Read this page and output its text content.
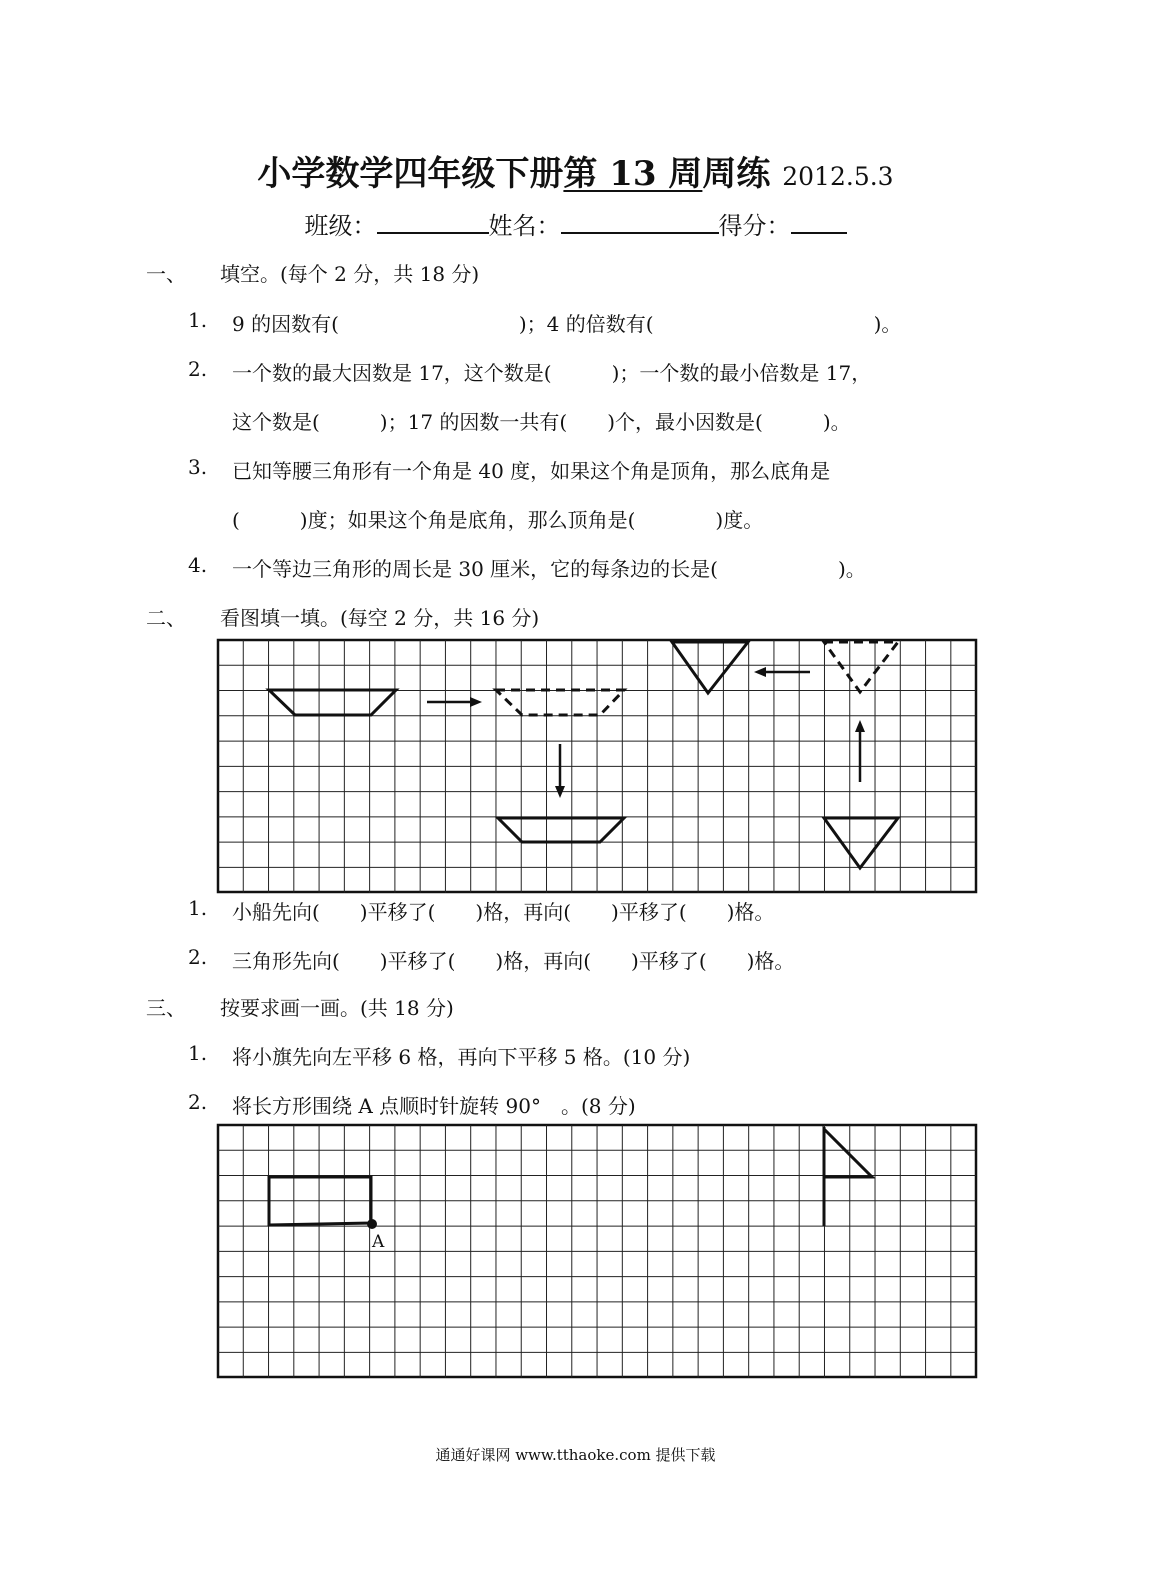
小学数学四年级下册第 13 周周练 2012.5.3
班级：	姓名：	得分：
一、 填空。(每个 2 分，共 18 分)
1. 9 的因数有(　　　　　　　　　)；4 的倍数有(　　　　　　　　　　　)。
2. 一个数的最大因数是 17，这个数是(　　　)；一个数的最小倍数是 17，
这个数是(　　　)；17 的因数一共有(　　)个，最小因数是(　　　)。
3. 已知等腰三角形有一个角是 40 度，如果这个角是顶角，那么底角是
(　　　)度；如果这个角是底角，那么顶角是(　　　　)度。
4. 一个等边三角形的周长是 30 厘米，它的每条边的长是(　　　　　　)。
二、 看图填一填。(每空 2 分，共 16 分)
A
1. 小船先向(　　)平移了(　　)格，再向(　　)平移了(　　)格。
2. 三角形先向(　　)平移了(　　)格，再向(　　)平移了(　　)格。
三、 按要求画一画。(共 18 分)
1. 将小旗先向左平移 6 格，再向下平移 5 格。(10 分)
2. 将长方形围绕 A 点顺时针旋转 90°　。(8 分)
通通好课网 www.tthaoke.com 提供下载
